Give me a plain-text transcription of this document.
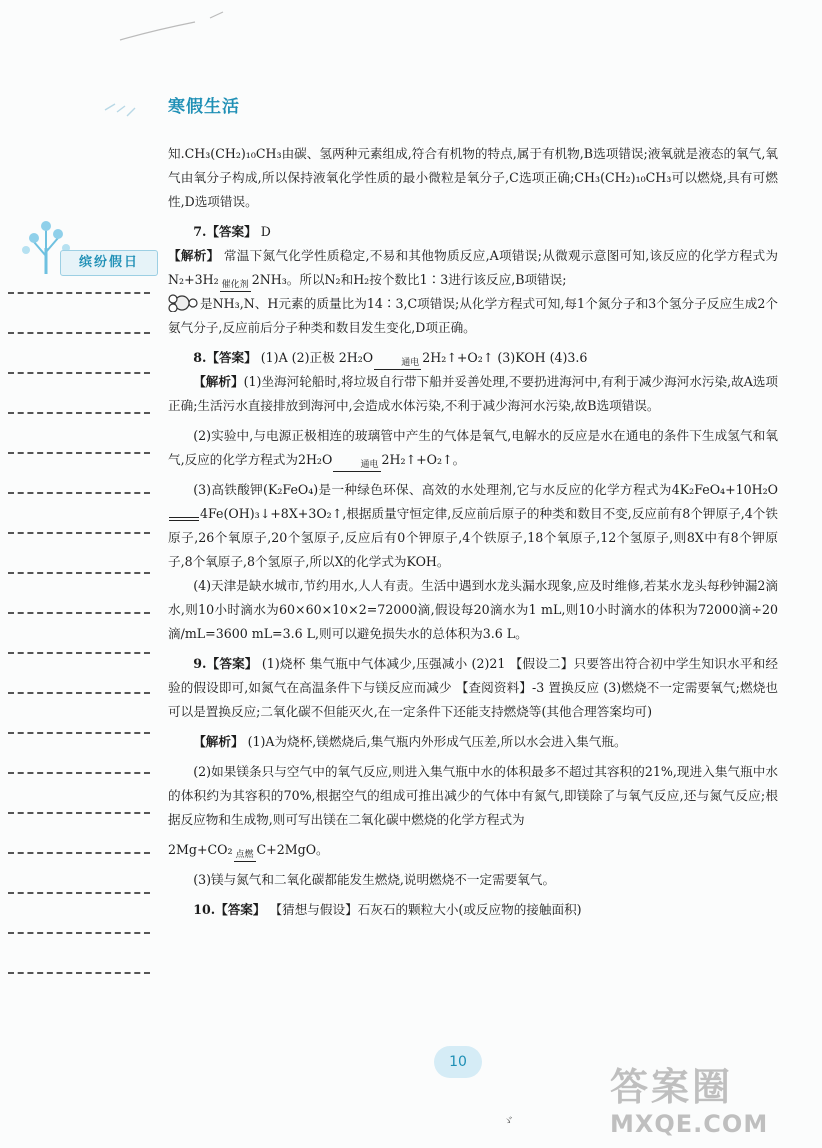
寒假生活
缤纷假日

知.CH₃(CH₂)₁₀CH₃由碳、氢两种元素组成,符合有机物的特点,属于有机物,B选项错误;液氧就是液态的氧气,氧气由氧分子构成,所以保持液氧化学性质的最小微粒是氧分子,C选项正确;CH₃(CH₂)₁₀CH₃可以燃烧,具有可燃性,D选项错误。

7.【答案】 D

【解析】 常温下氮气化学性质稳定,不易和其他物质反应,A项错误;从微观示意图可知,该反应的化学方程式为N₂+3H₂ 催化剂 2NH₃。所以N₂和H₂按个数比1∶3进行该反应,B项错误;

是NH₃,N、H元素的质量比为14∶3,C项错误;从化学方程式可知,每1个氮分子和3个氢分子反应生成2个氨气分子,反应前后分子种类和数目发生变化,D项正确。

8.【答案】 (1)A (2)正极 2H₂O	通电 2H₂↑+O₂↑ (3)KOH (4)3.6

【解析】(1)坐海河轮船时,将垃圾自行带下船并妥善处理,不要扔进海河中,有利于减少海河水污染,故A选项正确;生活污水直接排放到海河中,会造成水体污染,不利于减少海河水污染,故B选项错误。

(2)实验中,与电源正极相连的玻璃管中产生的气体是氧气,电解水的反应是水在通电的条件下生成氢气和氧气,反应的化学方程式为2H₂O	通电 2H₂↑+O₂↑。

(3)高铁酸钾(K₂FeO₄)是一种绿色环保、高效的水处理剂,它与水反应的化学方程式为4K₂FeO₄+10H₂O
4Fe(OH)₃↓+8X+3O₂↑,根据质量守恒定律,反应前后原子的种类和数目不变,反应前有8个钾原子,4个铁原子,26个氧原子,20个氢原子,反应后有0个钾原子,4个铁原子,18个氧原子,12个氢原子,则8X中有8个钾原子,8个氧原子,8个氢原子,所以X的化学式为KOH。

(4)天津是缺水城市,节约用水,人人有责。生活中遇到水龙头漏水现象,应及时维修,若某水龙头每秒钟漏2滴水,则10小时滴水为60×60×10×2=72000滴,假设每20滴水为1 mL,则10小时滴水的体积为72000滴÷20滴/mL=3600 mL=3.6 L,则可以避免损失水的总体积为3.6 L。

9.【答案】 (1)烧杯 集气瓶中气体减少,压强减小 (2)21 【假设二】只要答出符合初中学生知识水平和经验的假设即可,如氮气在高温条件下与镁反应而减少 【查阅资料】-3 置换反应 (3)燃烧不一定需要氧气;燃烧也可以是置换反应;二氧化碳不但能灭火,在一定条件下还能支持燃烧等(其他合理答案均可)

【解析】 (1)A为烧杯,镁燃烧后,集气瓶内外形成气压差,所以水会进入集气瓶。

(2)如果镁条只与空气中的氧气反应,则进入集气瓶中水的体积最多不超过其容积的21%,现进入集气瓶中水的体积约为其容积的70%,根据空气的组成可推出减少的气体中有氮气,即镁除了与氧气反应,还与氮气反应;根据反应物和生成物,则可写出镁在二氧化碳中燃烧的化学方程式为

2Mg+CO₂ 点燃 C+2MgO。

(3)镁与氮气和二氧化碳都能发生燃烧,说明燃烧不一定需要氧气。

10.【答案】 【猜想与假设】石灰石的颗粒大小(或反应物的接触面积)

10
ゞ
答案圈
MXQE.COM
